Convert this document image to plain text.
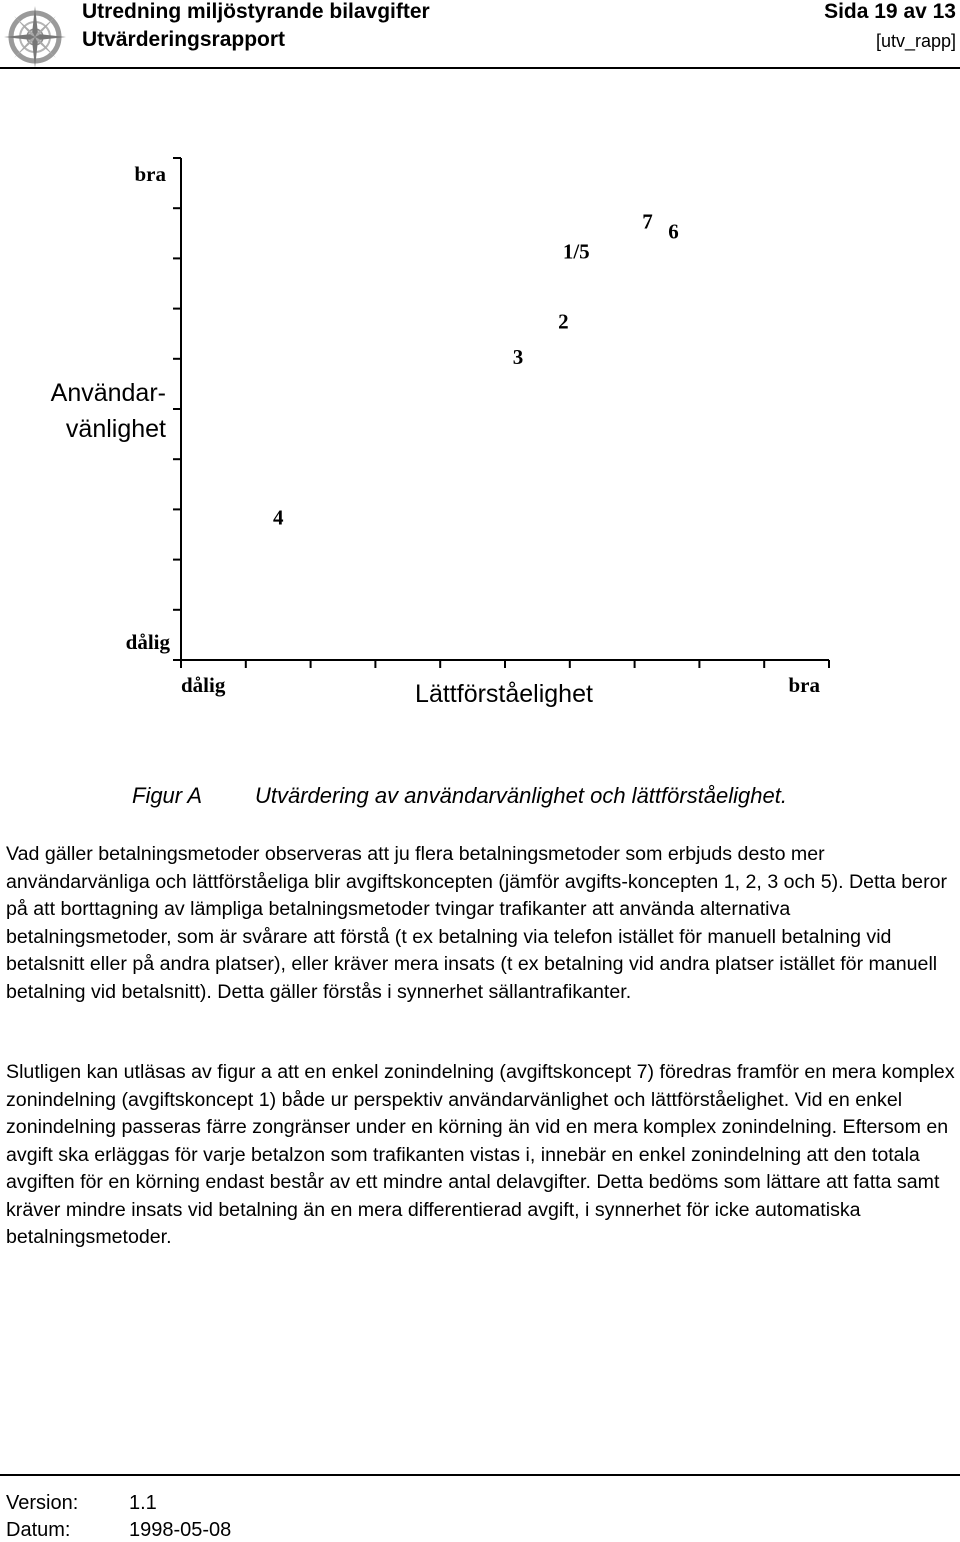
Utredning miljöstyrande bilavgifter
Utvärderingsrapport
Sida 19 av 13
[utv_rapp]
bra
Användar-
vänlighet
dålig
dålig	Lättförståelighet	bra
1/5
2
3
4
6
7
Figur A Utvärdering av användarvänlighet och lättförståelighet.

Vad gäller betalningsmetoder observeras att ju flera betalningsmetoder som erbjuds desto mer användarvänliga och lättförståeliga blir avgiftskoncepten (jämför avgifts-koncepten 1, 2, 3 och 5). Detta beror på att borttagning av lämpliga betalningsmetoder tvingar trafikanter att använda alternativa betalningsmetoder, som är svårare att förstå (t ex betalning via telefon istället för manuell betalning vid betalsnitt eller på andra platser), eller kräver mera insats (t ex betalning vid andra platser istället för manuell betalning vid betalsnitt). Detta gäller förstås i synnerhet sällantrafikanter.

Slutligen kan utläsas av figur a att en enkel zonindelning (avgiftskoncept 7) föredras framför en mera komplex zonindelning (avgiftskoncept 1) både ur perspektiv användarvänlighet och lättförståelighet. Vid en enkel zonindelning passeras färre zongränser under en körning än vid en mera komplex zonindelning. Eftersom en avgift ska erläggas för varje betalzon som trafikanten vistas i, innebär en enkel zonindelning att den totala avgiften för en körning endast består av ett mindre antal delavgifter. Detta bedöms som lättare att fatta samt kräver mindre insats vid betalning än en mera differentierad avgift, i synnerhet för icke automatiska betalningsmetoder.

Version:	1.1
Datum:	1998-05-08
